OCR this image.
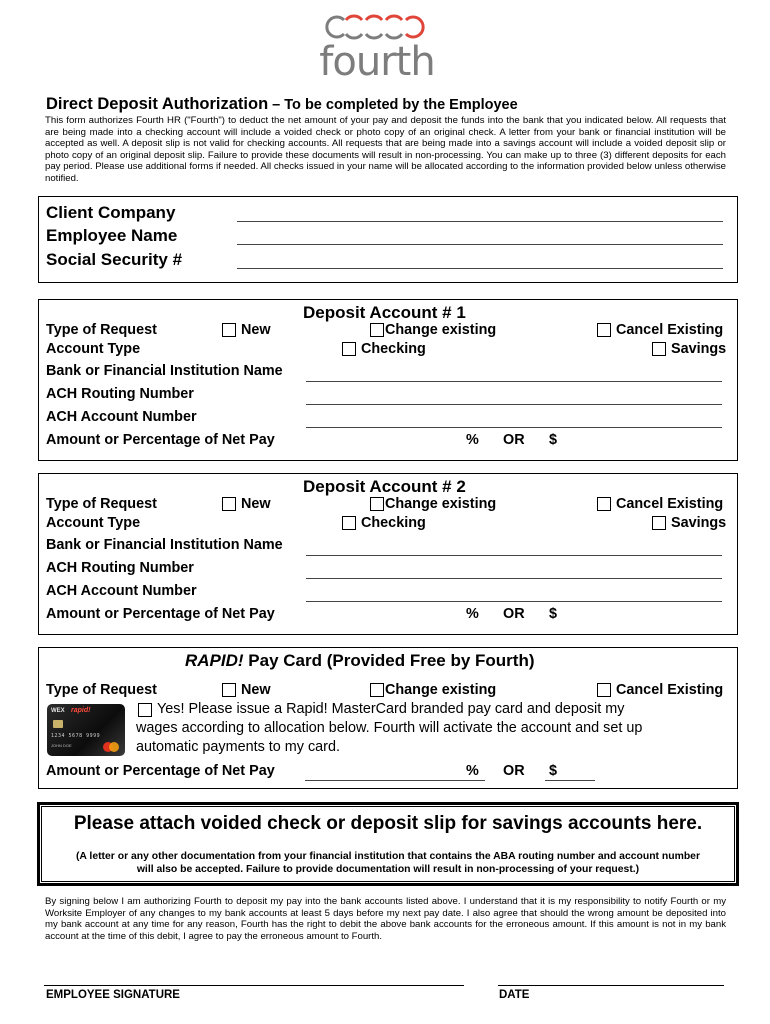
fourth
Direct Deposit Authorization – To be completed by the Employee
This form authorizes Fourth HR ("Fourth") to deduct the net amount of your pay and deposit the funds into the bank that you indicated below. All requests that are being made into a checking account will include a voided check or photo copy of an original check. A letter from your bank or financial institution will be accepted as well. A deposit slip is not valid for checking accounts. All requests that are being made into a savings account will include a voided deposit slip or photo copy of an original deposit slip. Failure to provide these documents will result in non-processing. You can make up to three (3) different deposits for each pay period. Please use additional forms if needed. All checks issued in your name will be allocated according to the information provided below unless otherwise notified.
Client Company
Employee Name
Social Security #
Deposit Account # 1
Type of Request	New	Change existing	Cancel Existing
Account Type	Checking	Savings
Bank or Financial Institution Name
ACH Routing Number
ACH Account Number
Amount or Percentage of Net Pay	% OR $
Deposit Account # 2
Type of Request	New	Change existing	Cancel Existing
Account Type	Checking	Savings
Bank or Financial Institution Name
ACH Routing Number
ACH Account Number
Amount or Percentage of Net Pay	% OR $
RAPID! Pay Card (Provided Free by Fourth)
Type of Request	New	Change existing	Cancel Existing
WEX rapid!
1234 5678 9999
JOHN DOE
Yes! Please issue a Rapid! MasterCard branded pay card and deposit my
wages according to allocation below. Fourth will activate the account and set up
automatic payments to my card.
Amount or Percentage of Net Pay	% OR $
Please attach voided check or deposit slip for savings accounts here.
(A letter or any other documentation from your financial institution that contains the ABA routing number and account number
will also be accepted. Failure to provide documentation will result in non-processing of your request.)
By signing below I am authorizing Fourth to deposit my pay into the bank accounts listed above. I understand that it is my responsibility to notify Fourth or my Worksite Employer of any changes to my bank accounts at least 5 days before my next pay date. I also agree that should the wrong amount be deposited into my bank account at any time for any reason, Fourth has the right to debit the above bank accounts for the erroneous amount. If this amount is not in my bank account at the time of this debit, I agree to pay the erroneous amount to Fourth.
EMPLOYEE SIGNATURE	DATE
